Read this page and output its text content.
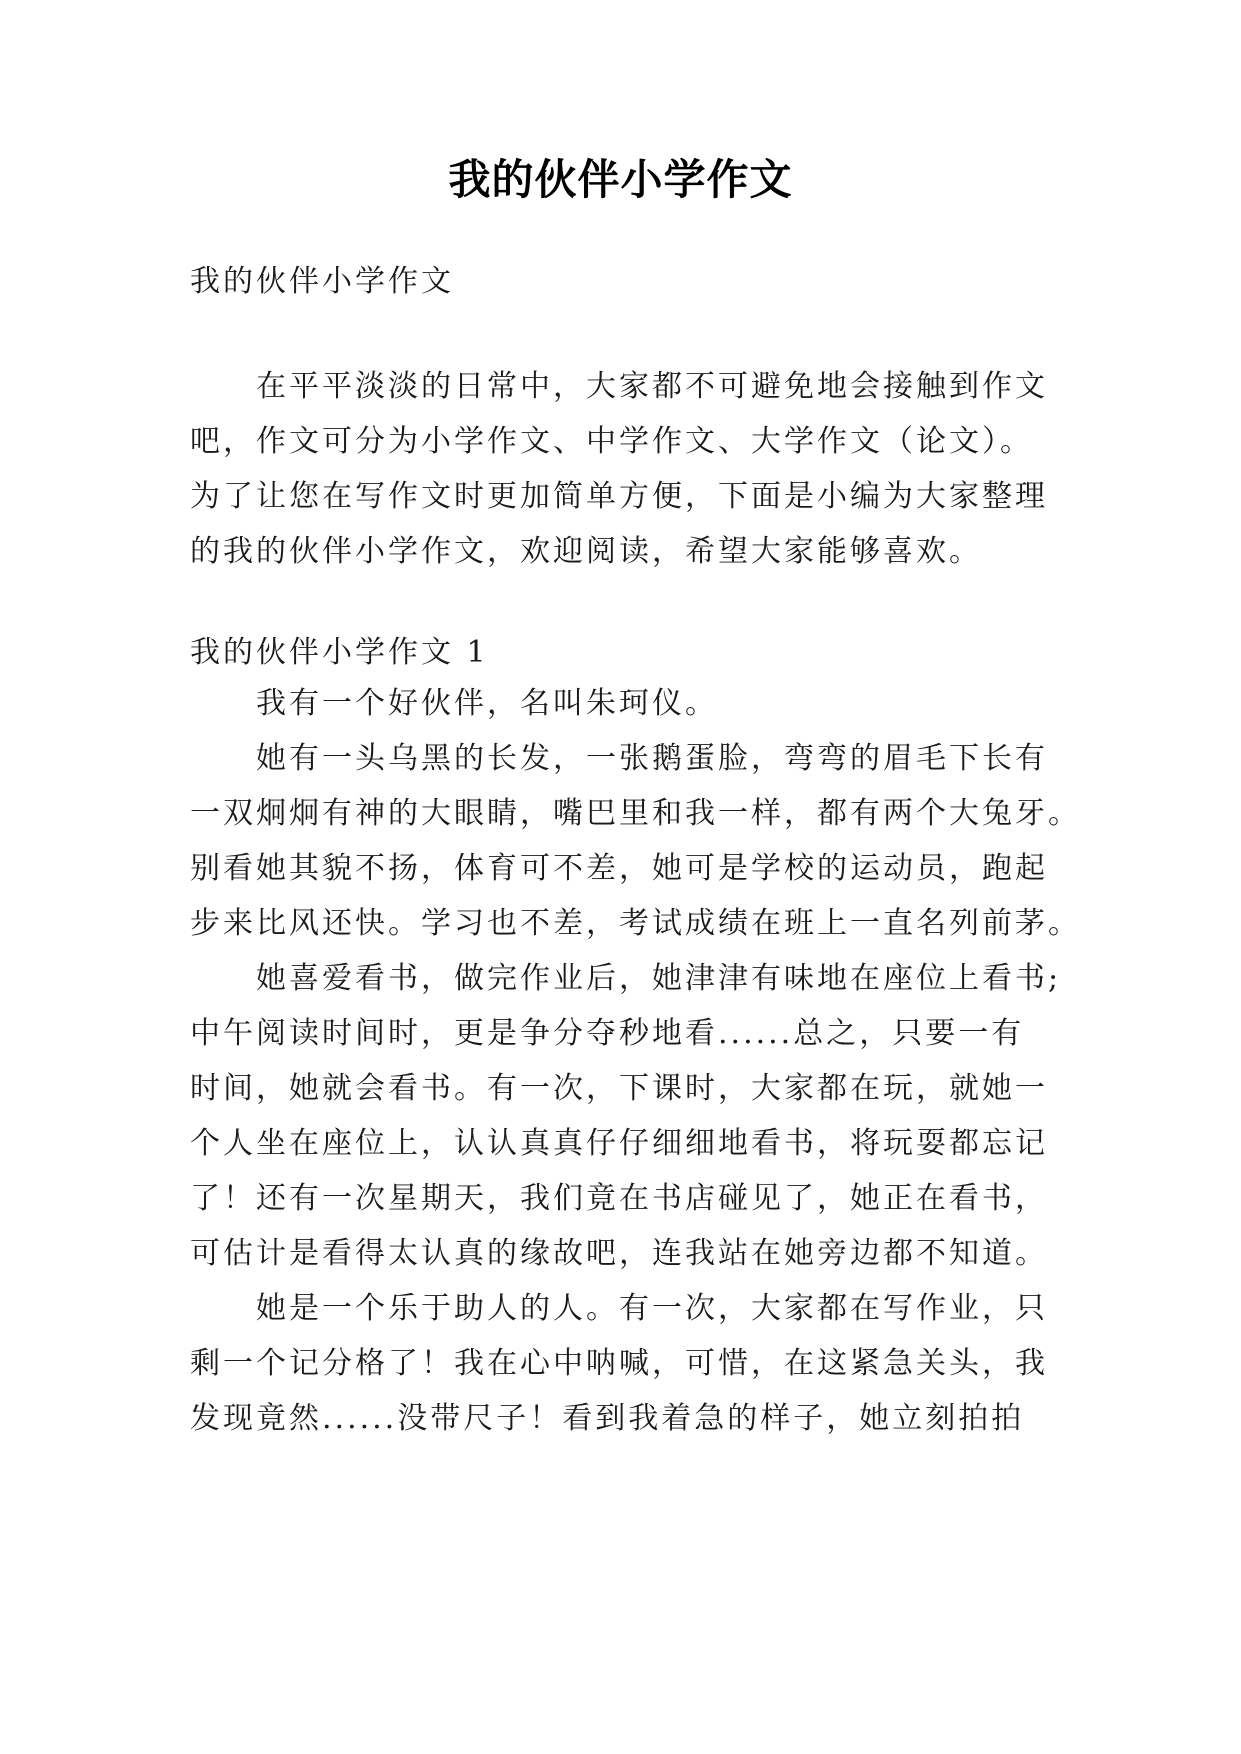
我的伙伴小学作文
我的伙伴小学作文
在平平淡淡的日常中，大家都不可避免地会接触到作文
吧，作文可分为小学作文、中学作文、大学作文（论文）。
为了让您在写作文时更加简单方便，下面是小编为大家整理
的我的伙伴小学作文，欢迎阅读，希望大家能够喜欢。
我的伙伴小学作文 1
我有一个好伙伴，名叫朱珂仪。
她有一头乌黑的长发，一张鹅蛋脸，弯弯的眉毛下长有
一双炯炯有神的大眼睛，嘴巴里和我一样，都有两个大兔牙。
别看她其貌不扬，体育可不差，她可是学校的运动员，跑起
步来比风还快。学习也不差，考试成绩在班上一直名列前茅。
她喜爱看书，做完作业后，她津津有味地在座位上看书;
中午阅读时间时，更是争分夺秒地看......总之，只要一有
时间，她就会看书。有一次，下课时，大家都在玩，就她一
个人坐在座位上，认认真真仔仔细细地看书，将玩耍都忘记
了！还有一次星期天，我们竟在书店碰见了，她正在看书，
可估计是看得太认真的缘故吧，连我站在她旁边都不知道。
她是一个乐于助人的人。有一次，大家都在写作业，只
剩一个记分格了！我在心中呐喊，可惜，在这紧急关头，我
发现竟然......没带尺子！看到我着急的样子，她立刻拍拍
